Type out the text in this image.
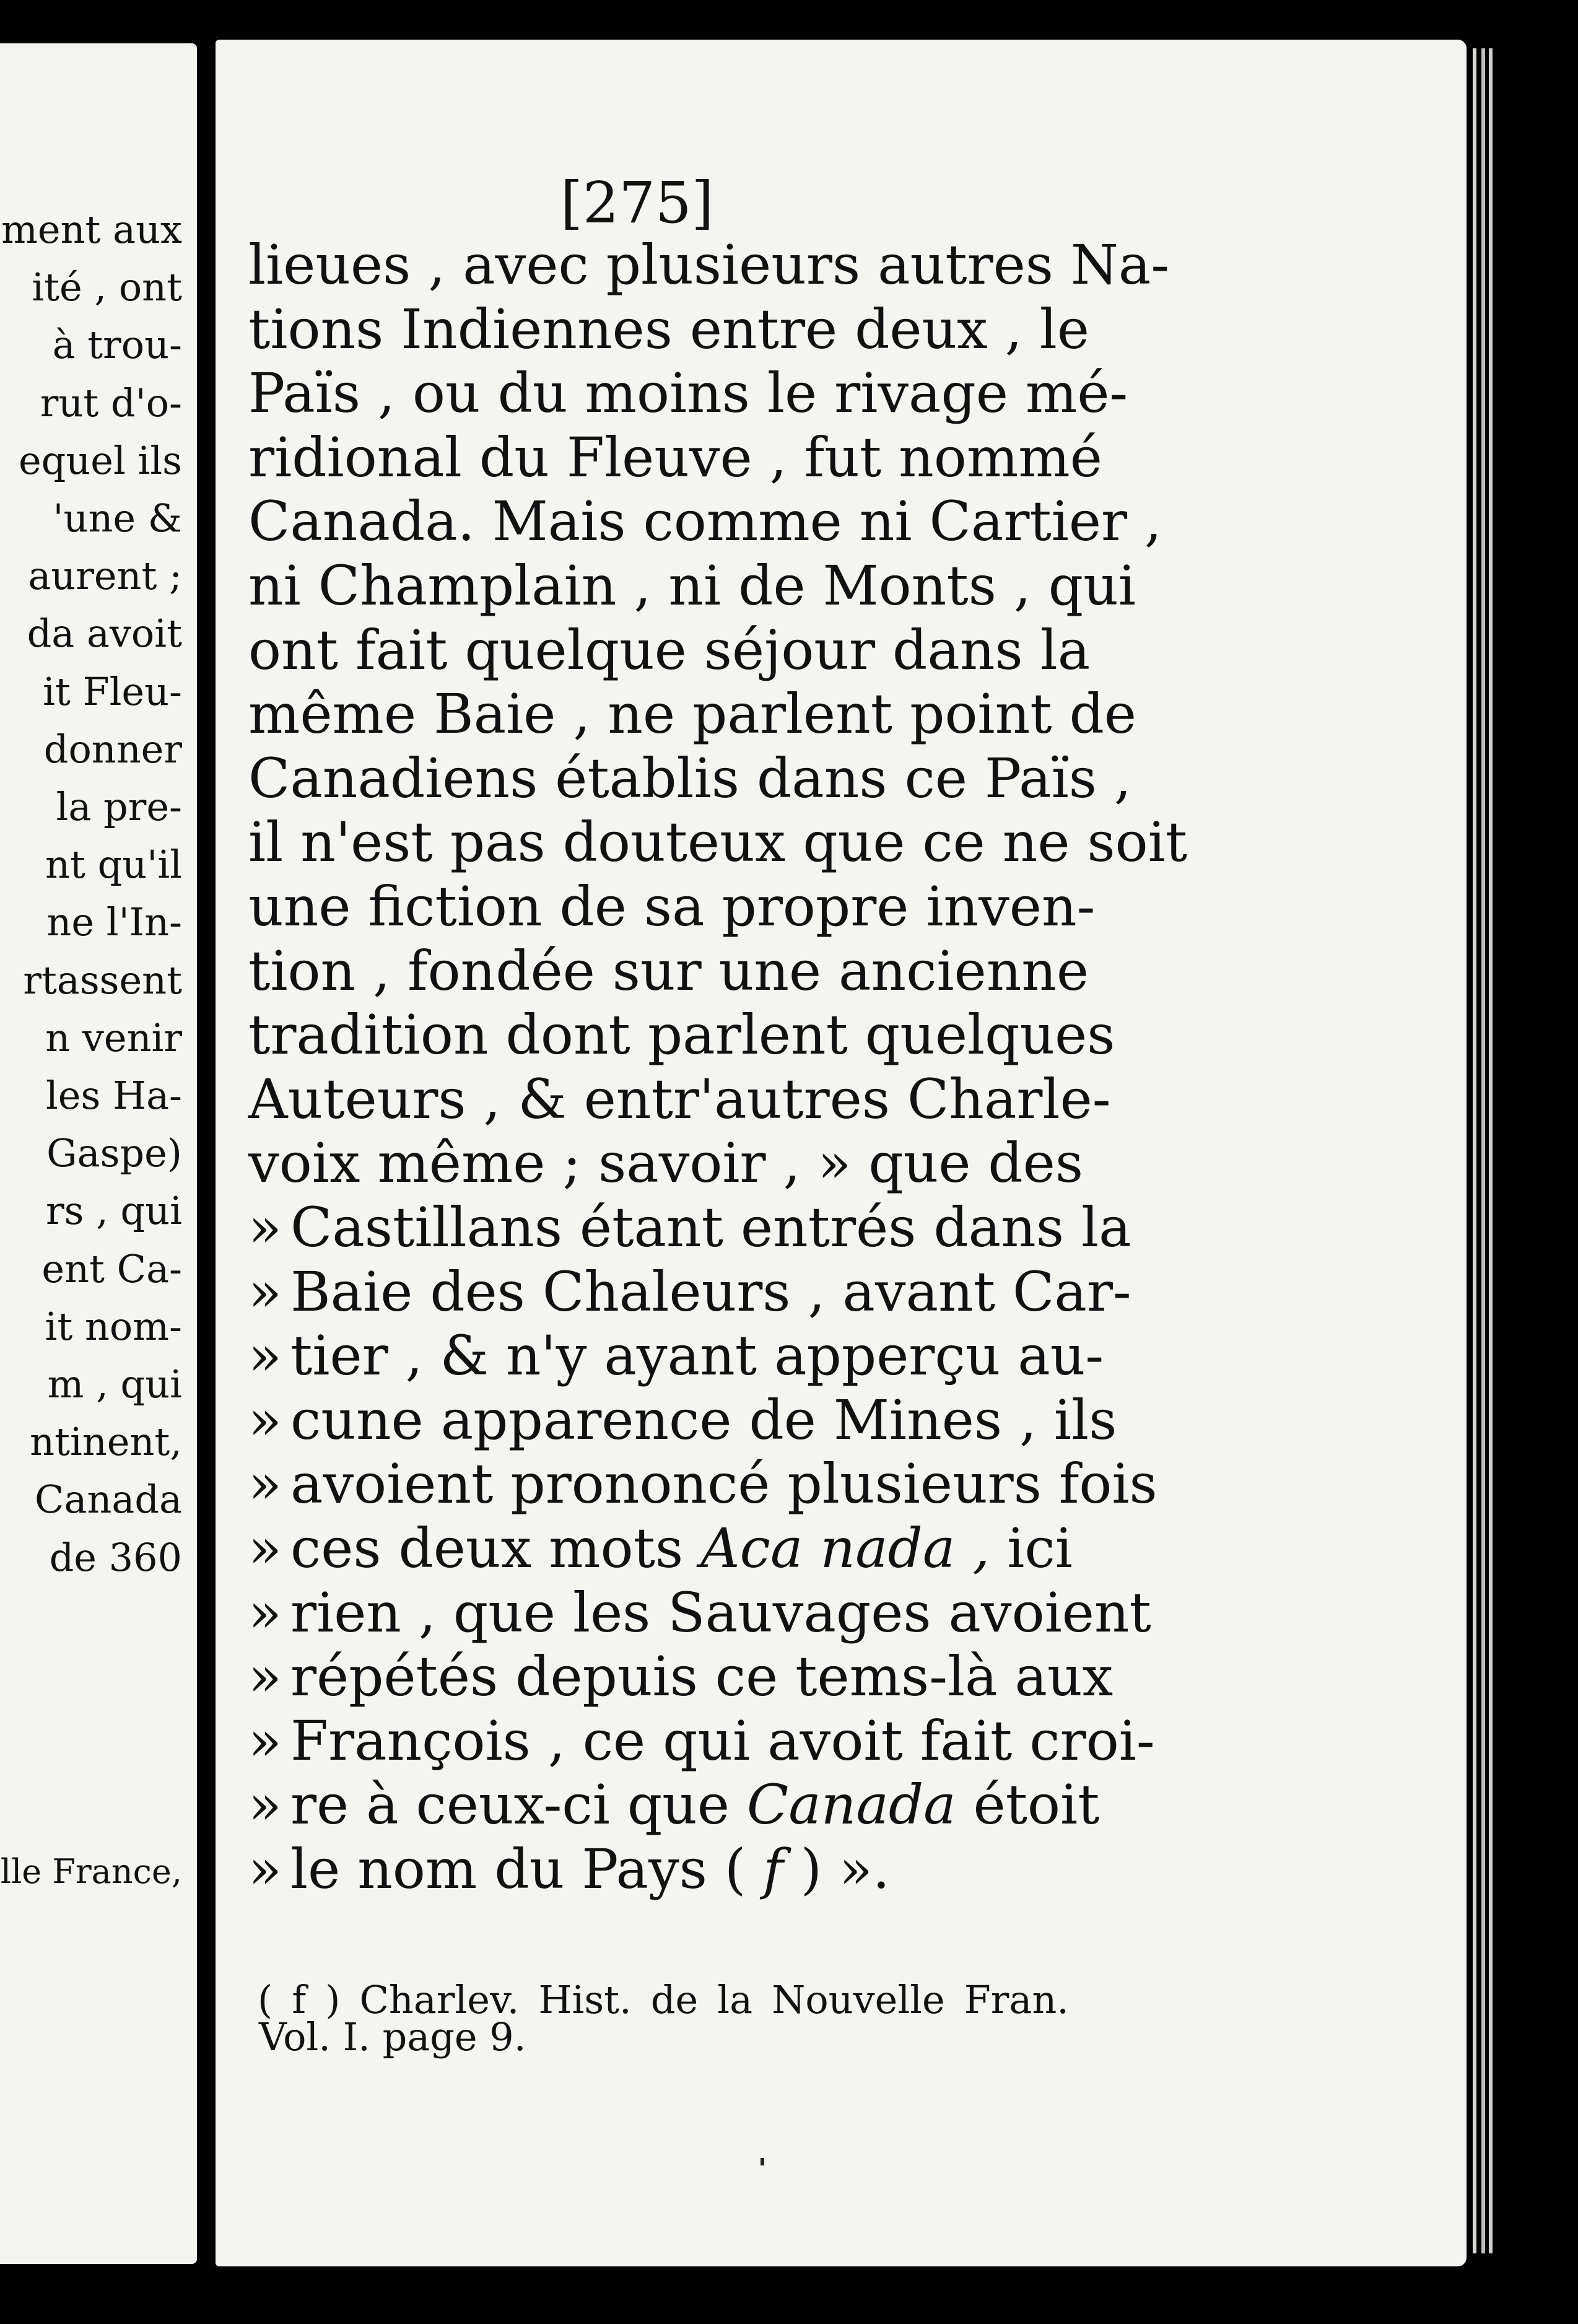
ment aux
ité , ont
à trou-
rut d'o-
equel ils
'une &
aurent ;
da avoit
it Fleu-
donner
la pre-
nt qu'il
ne l'In-
rtassent
n venir
les Ha-
Gaspe)
rs , qui
ent Ca-
it nom-
m , qui
ntinent,
Canada
de 360
lle France,
[275]
lieues , avec plusieurs autres Na-
tions Indiennes entre deux , le
Païs , ou du moins le rivage mé-
ridional du Fleuve , fut nommé
Canada. Mais comme ni Cartier ,
ni Champlain , ni de Monts , qui
ont fait quelque séjour dans la
même Baie , ne parlent point de
Canadiens établis dans ce Païs ,
il n'est pas douteux que ce ne soit
une fiction de sa propre inven-
tion , fondée sur une ancienne
tradition dont parlent quelques
Auteurs , & entr'autres Charle-
voix même ; savoir , » que des
» Castillans étant entrés dans la
» Baie des Chaleurs , avant Car-
» tier , & n'y ayant apperçu au-
» cune apparence de Mines , ils
» avoient prononcé plusieurs fois
» ces deux mots Aca nada , ici
» rien , que les Sauvages avoient
» répétés depuis ce tems-là aux
» François , ce qui avoit fait croi-
» re à ceux-ci que Canada étoit
» le nom du Pays ( f ) ».
( f ) Charlev. Hist. de la Nouvelle Fran.
Vol. I. page 9.
